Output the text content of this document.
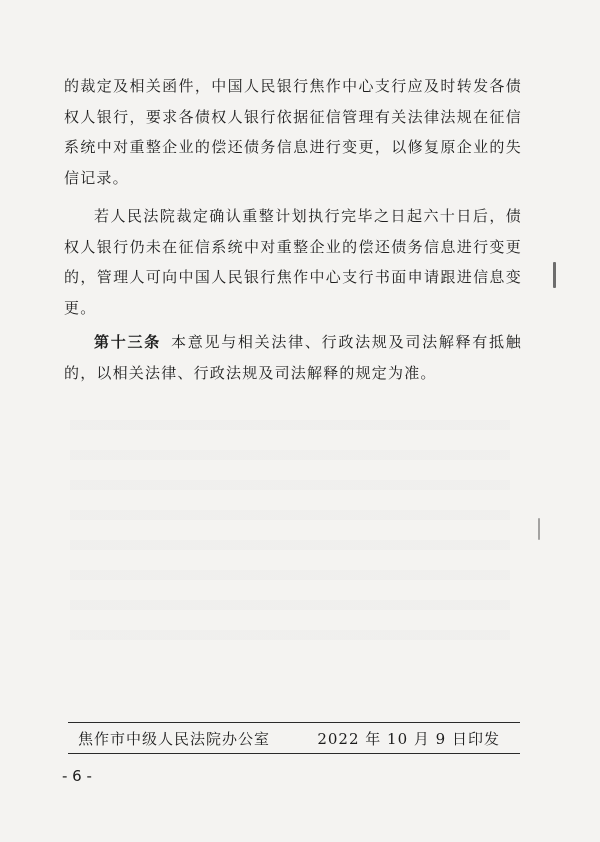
的裁定及相关函件，中国人民银行焦作中心支行应及时转发各债权人银行，要求各债权人银行依据征信管理有关法律法规在征信系统中对重整企业的偿还债务信息进行变更，以修复原企业的失信记录。

若人民法院裁定确认重整计划执行完毕之日起六十日后，债权人银行仍未在征信系统中对重整企业的偿还债务信息进行变更的，管理人可向中国人民银行焦作中心支行书面申请跟进信息变更。

第十三条 本意见与相关法律、行政法规及司法解释有抵触的，以相关法律、行政法规及司法解释的规定为准。

焦作市中级人民法院办公室	2022 年 10 月 9 日印发
- 6 -
